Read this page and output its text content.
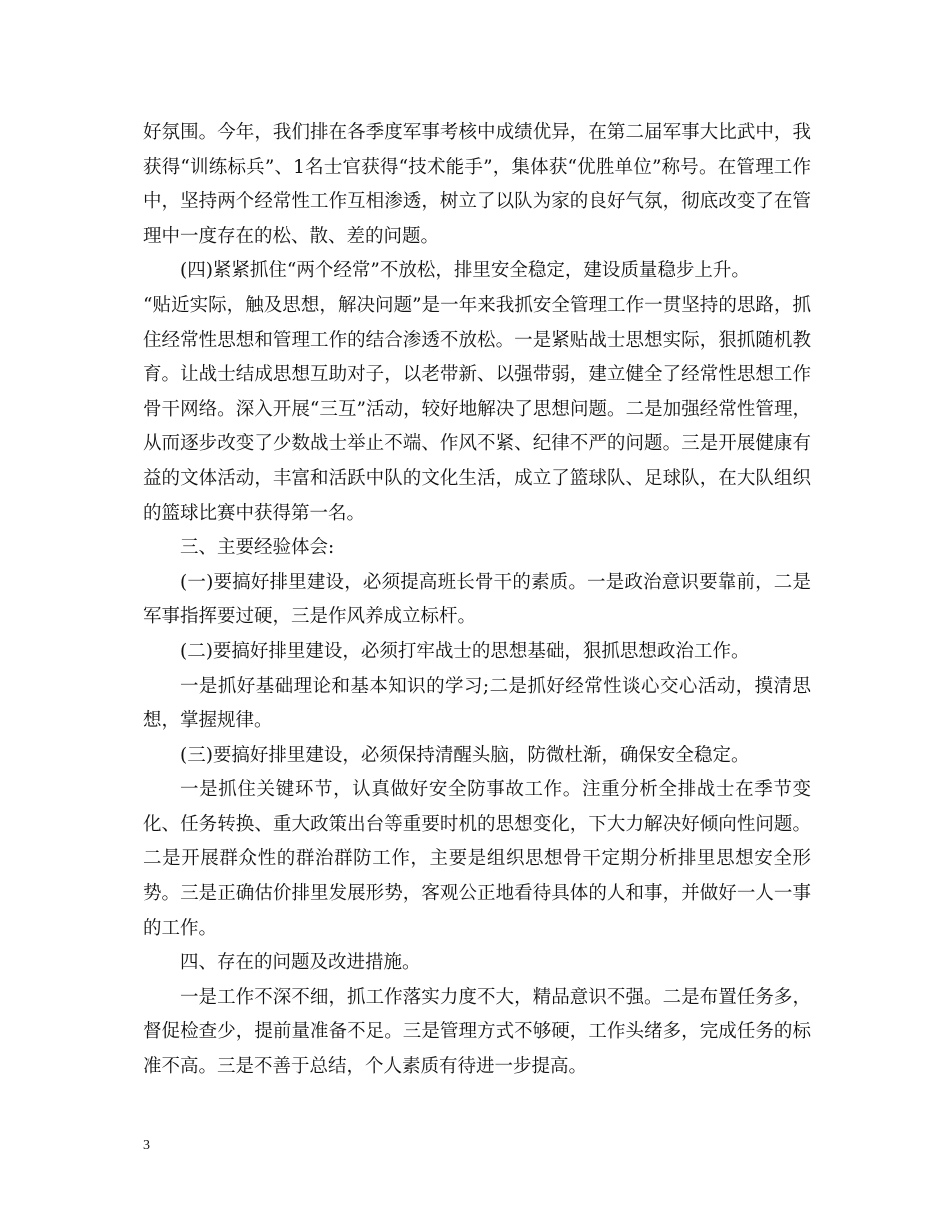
好氛围。今年，我们排在各季度军事考核中成绩优异，在第二届军事大比武中，我获得“训练标兵”、1名士官获得“技术能手”，集体获“优胜单位”称号。在管理工作中，坚持两个经常性工作互相渗透，树立了以队为家的良好气氛，彻底改变了在管理中一度存在的松、散、差的问题。

(四)紧紧抓住“两个经常”不放松，排里安全稳定，建设质量稳步上升。

“贴近实际，触及思想，解决问题”是一年来我抓安全管理工作一贯坚持的思路，抓住经常性思想和管理工作的结合渗透不放松。一是紧贴战士思想实际，狠抓随机教育。让战士结成思想互助对子，以老带新、以强带弱，建立健全了经常性思想工作骨干网络。深入开展“三互”活动，较好地解决了思想问题。二是加强经常性管理，从而逐步改变了少数战士举止不端、作风不紧、纪律不严的问题。三是开展健康有益的文体活动，丰富和活跃中队的文化生活，成立了篮球队、足球队，在大队组织的篮球比赛中获得第一名。

三、主要经验体会:

(一)要搞好排里建设，必须提高班长骨干的素质。一是政治意识要靠前，二是军事指挥要过硬，三是作风养成立标杆。

(二)要搞好排里建设，必须打牢战士的思想基础，狠抓思想政治工作。

一是抓好基础理论和基本知识的学习;二是抓好经常性谈心交心活动，摸清思想，掌握规律。

(三)要搞好排里建设，必须保持清醒头脑，防微杜渐，确保安全稳定。

一是抓住关键环节，认真做好安全防事故工作。注重分析全排战士在季节变化、任务转换、重大政策出台等重要时机的思想变化，下大力解决好倾向性问题。二是开展群众性的群治群防工作，主要是组织思想骨干定期分析排里思想安全形势。三是正确估价排里发展形势，客观公正地看待具体的人和事，并做好一人一事的工作。

四、存在的问题及改进措施。

一是工作不深不细，抓工作落实力度不大，精品意识不强。二是布置任务多，督促检查少，提前量准备不足。三是管理方式不够硬，工作头绪多，完成任务的标准不高。三是不善于总结，个人素质有待进一步提高。

3
